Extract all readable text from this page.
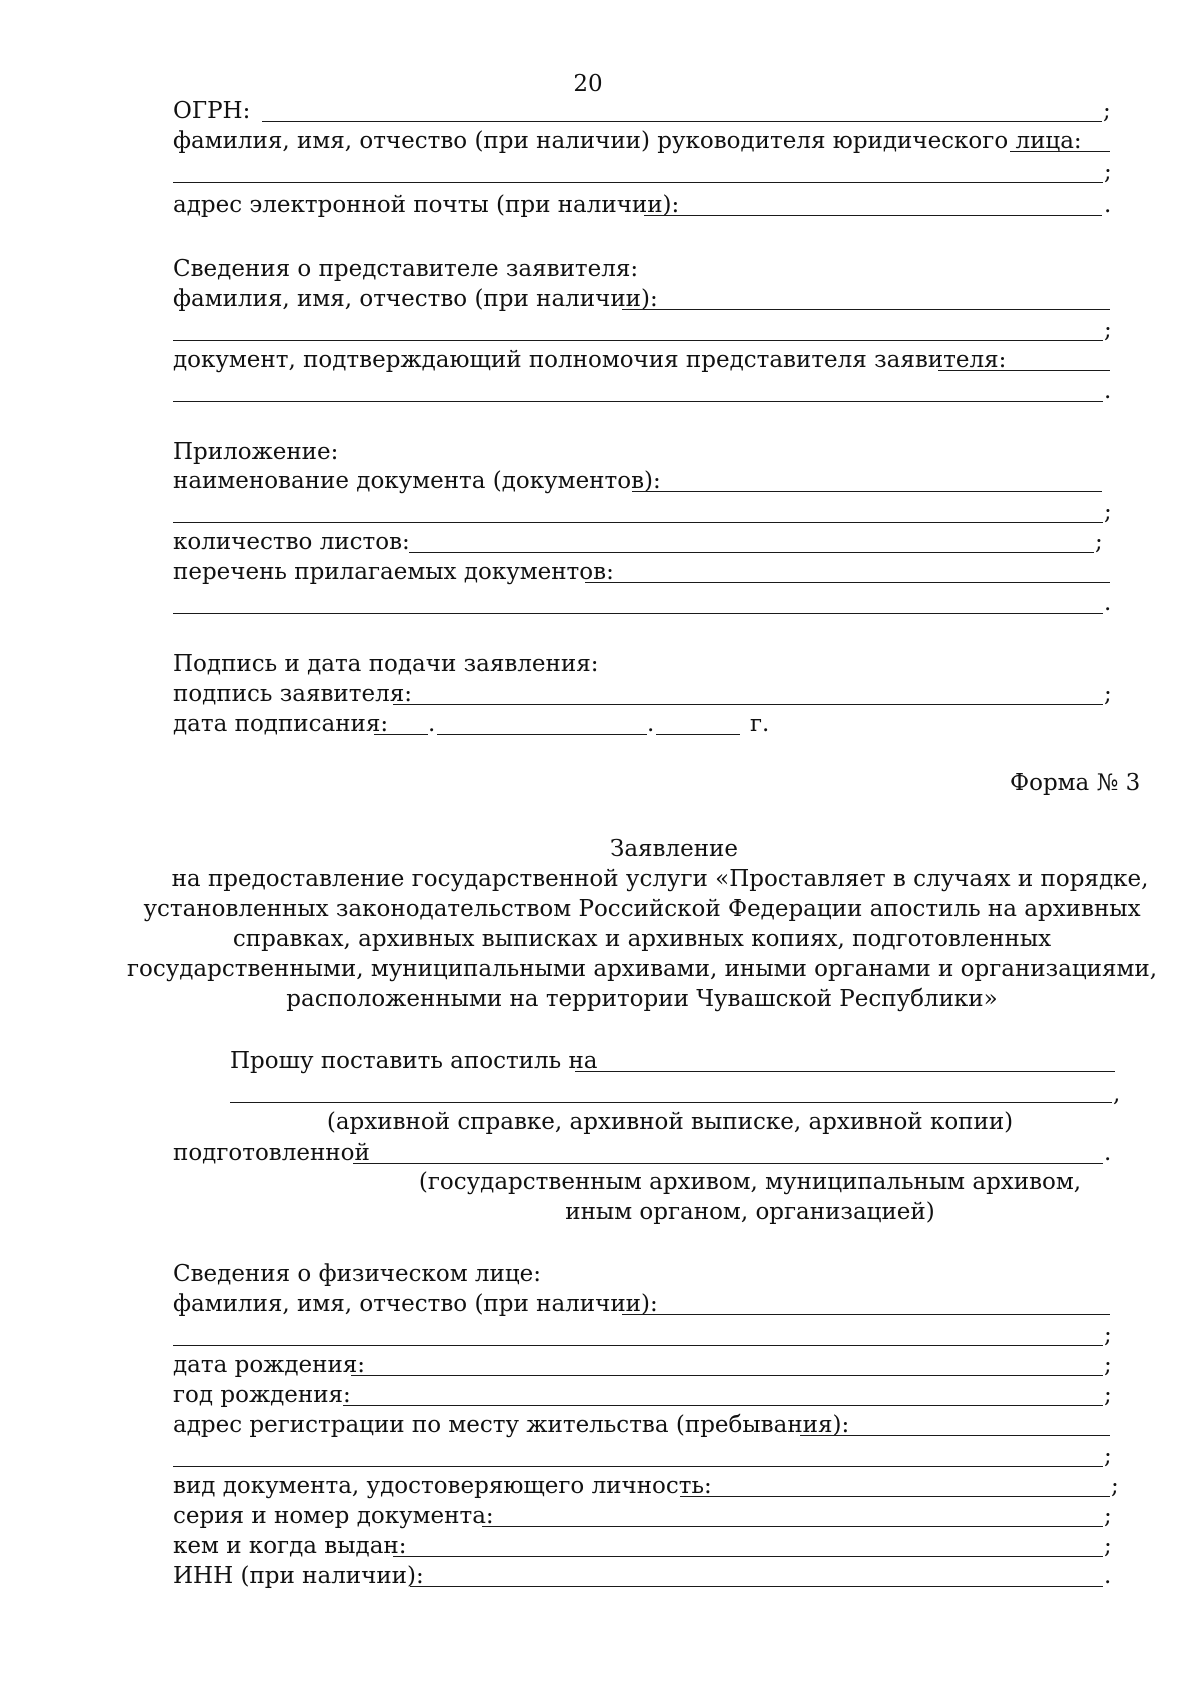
20
ОГРН:	;
фамилия, имя, отчество (при наличии) руководителя юридического лица:
;
адрес электронной почты (при наличии):	.
Сведения о представителе заявителя:
фамилия, имя, отчество (при наличии):
;
документ, подтверждающий полномочия представителя заявителя:
.
Приложение:
наименование документа (документов):
;
количество листов:	;
перечень прилагаемых документов:
.
Подпись и дата подачи заявления:
подпись заявителя:	;
дата подписания: .	.	г.
Форма № 3
Заявление
на предоставление государственной услуги «Проставляет в случаях и порядке,
установленных законодательством Российской Федерации апостиль на архивных
справках, архивных выписках и архивных копиях, подготовленных
государственными, муниципальными архивами, иными органами и организациями,
расположенными на территории Чувашской Республики»
Прошу поставить апостиль на
,
(архивной справке, архивной выписке, архивной копии)
подготовленной	.
(государственным архивом, муниципальным архивом,
иным органом, организацией)
Сведения о физическом лице:
фамилия, имя, отчество (при наличии):
;
дата рождения:	;
год рождения:	;
адрес регистрации по месту жительства (пребывания):
;
вид документа, удостоверяющего личность:	;
серия и номер документа:	;
кем и когда выдан:	;
ИНН (при наличии):	.
